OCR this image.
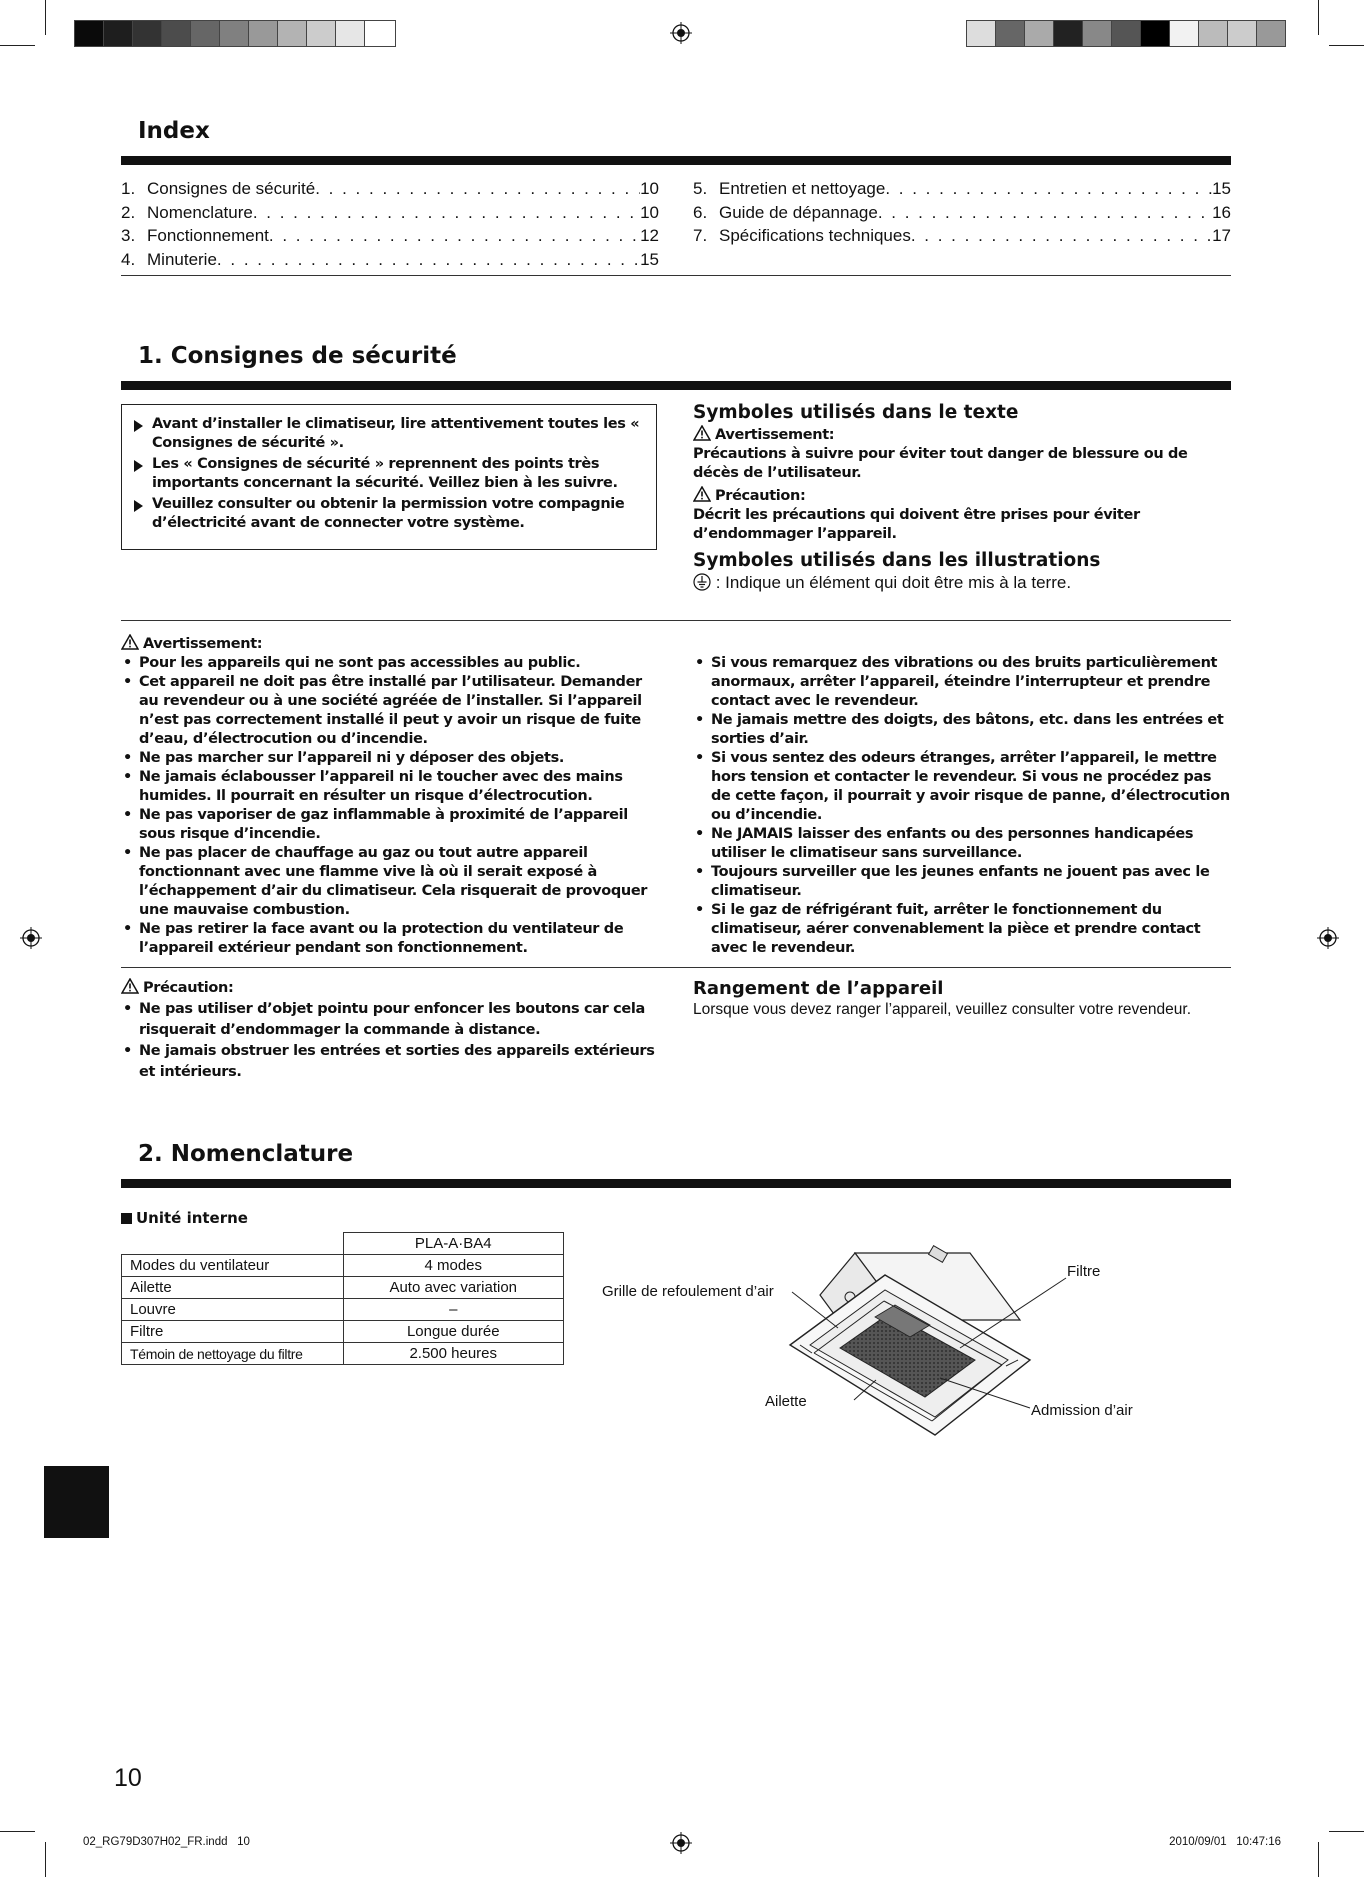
Index
1. Consignes de sécurité . . .	10
2. Nomenclature . . .	10
3. Fonctionnement . . .	12
4. Minuterie . . .	15
5. Entretien et nettoyage . . .	15
6. Guide de dépannage . . .	16
7. Spécifications techniques . . .	17
1. Consignes de sécurité
Avant d’installer le climatiseur, lire attentivement toutes les « Consignes de sécurité ».
Les « Consignes de sécurité » reprennent des points très importants concernant la sécurité. Veillez bien à les suivre.
Veuillez consulter ou obtenir la permission votre compagnie d’électricité avant de connecter votre système.
Symboles utilisés dans le texte
Avertissement:
Précautions à suivre pour éviter tout danger de blessure ou de décès de l’utilisateur.
Précaution:
Décrit les précautions qui doivent être prises pour éviter d’endommager l’appareil.
Symboles utilisés dans les illustrations
: Indique un élément qui doit être mis à la terre.
Avertissement:
• Pour les appareils qui ne sont pas accessibles au public.
• Cet appareil ne doit pas être installé par l’utilisateur. Demander au revendeur ou à une société agréée de l’installer. Si l’appareil n’est pas correctement installé il peut y avoir un risque de fuite d’eau, d’électrocution ou d’incendie.
• Ne pas marcher sur l’appareil ni y déposer des objets.
• Ne jamais éclabousser l’appareil ni le toucher avec des mains humides. Il pourrait en résulter un risque d’électrocution.
• Ne pas vaporiser de gaz inflammable à proximité de l’appareil sous risque d’incendie.
• Ne pas placer de chauffage au gaz ou tout autre appareil fonctionnant avec une flamme vive là où il serait exposé à l’échappement d’air du climatiseur. Cela risquerait de provoquer une mauvaise combustion.
• Ne pas retirer la face avant ou la protection du ventilateur de l’appareil extérieur pendant son fonctionnement.
• Si vous remarquez des vibrations ou des bruits particulièrement anormaux, arrêter l’appareil, éteindre l’interrupteur et prendre contact avec le revendeur.
• Ne jamais mettre des doigts, des bâtons, etc. dans les entrées et sorties d’air.
• Si vous sentez des odeurs étranges, arrêter l’appareil, le mettre hors tension et contacter le revendeur. Si vous ne procédez pas de cette façon, il pourrait y avoir risque de panne, d’électrocution ou d’incendie.
• Ne JAMAIS laisser des enfants ou des personnes handicapées utiliser le climatiseur sans surveillance.
• Toujours surveiller que les jeunes enfants ne jouent pas avec le climatiseur.
• Si le gaz de réfrigérant fuit, arrêter le fonctionnement du climatiseur, aérer convenablement la pièce et prendre contact avec le revendeur.
Précaution:
• Ne pas utiliser d’objet pointu pour enfoncer les boutons car cela risquerait d’endommager la commande à distance.
• Ne jamais obstruer les entrées et sorties des appareils extérieurs et intérieurs.
Rangement de l’appareil
Lorsque vous devez ranger l’appareil, veuillez consulter votre revendeur.
2. Nomenclature
Unité interne
	PLA-A·BA4
Modes du ventilateur	4 modes
Ailette	Auto avec variation
Louvre	–
Filtre	Longue durée
Témoin de nettoyage du filtre	2.500 heures
Grille de refoulement d’air
Filtre
Ailette
Admission d’air
10
02_RG79D307H02_FR.indd   10	2010/09/01   10:47:16
